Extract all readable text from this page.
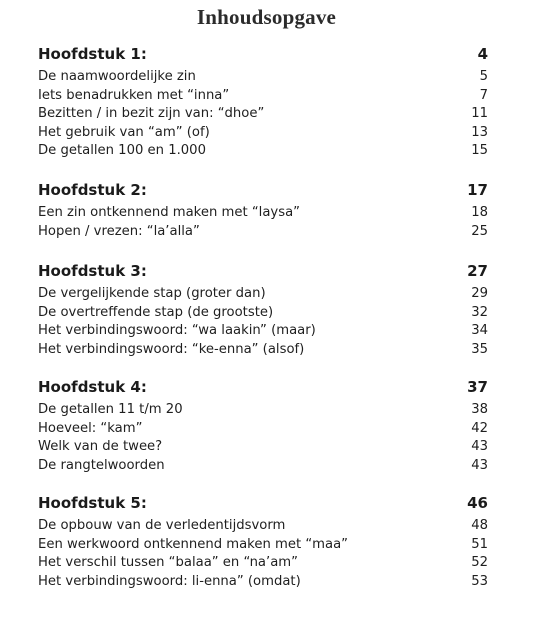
Inhoudsopgave
Hoofdstuk 1:	4
De naamwoordelijke zin	5
Iets benadrukken met “inna”	7
Bezitten / in bezit zijn van: “dhoe”	11
Het gebruik van “am” (of)	13
De getallen 100 en 1.000	15
Hoofdstuk 2:	17
Een zin ontkennend maken met “laysa”	18
Hopen / vrezen: “la’alla”	25
Hoofdstuk 3:	27
De vergelijkende stap (groter dan)	29
De overtreffende stap (de grootste)	32
Het verbindingswoord: “wa laakin” (maar)	34
Het verbindingswoord: “ke-enna” (alsof)	35
Hoofdstuk 4:	37
De getallen 11 t/m 20	38
Hoeveel: “kam”	42
Welk van de twee?	43
De rangtelwoorden	43
Hoofdstuk 5:	46
De opbouw van de verledentijdsvorm	48
Een werkwoord ontkennend maken met “maa”	51
Het verschil tussen “balaa” en “na’am”	52
Het verbindingswoord: li-enna” (omdat)	53
